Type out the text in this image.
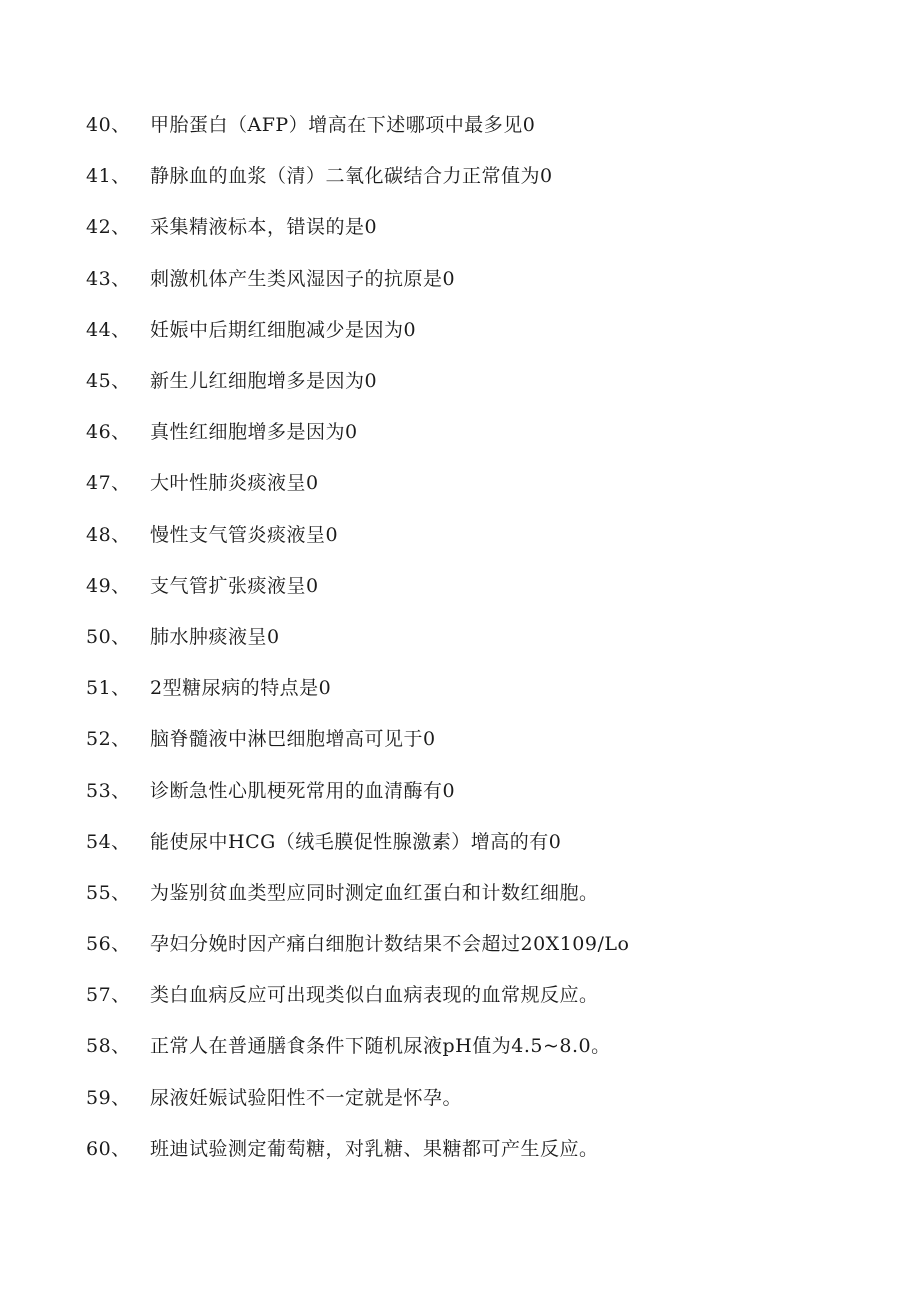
40、	甲胎蛋白（AFP）增高在下述哪项中最多见0
41、	静脉血的血浆（清）二氧化碳结合力正常值为0
42、	采集精液标本，错误的是0
43、	刺激机体产生类风湿因子的抗原是0
44、	妊娠中后期红细胞减少是因为0
45、	新生儿红细胞增多是因为0
46、	真性红细胞增多是因为0
47、	大叶性肺炎痰液呈0
48、	慢性支气管炎痰液呈0
49、	支气管扩张痰液呈0
50、	肺水肿痰液呈0
51、	2型糖尿病的特点是0
52、	脑脊髓液中淋巴细胞增高可见于0
53、	诊断急性心肌梗死常用的血清酶有0
54、	能使尿中HCG（绒毛膜促性腺激素）增高的有0
55、	为鉴别贫血类型应同时测定血红蛋白和计数红细胞。
56、	孕妇分娩时因产痛白细胞计数结果不会超过20X109/Lo
57、	类白血病反应可出现类似白血病表现的血常规反应。
58、	正常人在普通膳食条件下随机尿液pH值为4.5~8.0。
59、	尿液妊娠试验阳性不一定就是怀孕。
60、	班迪试验测定葡萄糖，对乳糖、果糖都可产生反应。
